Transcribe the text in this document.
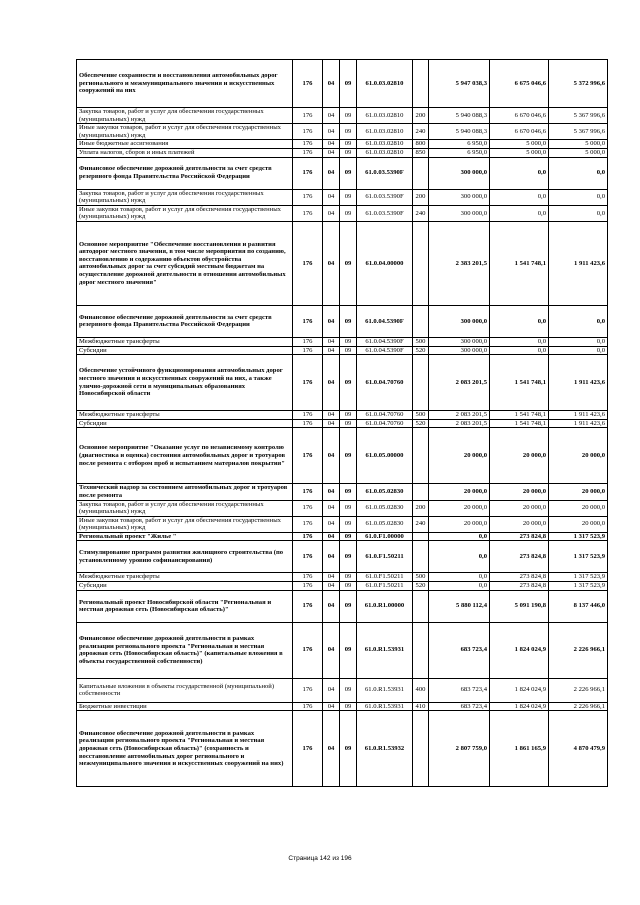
Обеспечение сохранности и восстановления автомобильных дорог регионального и межмуниципального значения и искусственных сооружений на них	176	04	09	61.0.03.02810		5 947 038,3	6 675 046,6	5 372 996,6
Закупка товаров, работ и услуг для обеспечения государственных (муниципальных) нужд	176	04	09	61.0.03.02810	200	5 940 088,3	6 670 046,6	5 367 996,6
Иные закупки товаров, работ и услуг для обеспечения государственных (муниципальных) нужд	176	04	09	61.0.03.02810	240	5 940 088,3	6 670 046,6	5 367 996,6
Иные бюджетные ассигнования	176	04	09	61.0.03.02810	800	6 950,0	5 000,0	5 000,0
Уплата налогов, сборов и иных платежей	176	04	09	61.0.03.02810	850	6 950,0	5 000,0	5 000,0
Финансовое обеспечение дорожной деятельности за счет средств резервного фонда Правительства Российской Федерации	176	04	09	61.0.03.5390F		300 000,0	0,0	0,0
Закупка товаров, работ и услуг для обеспечения государственных (муниципальных) нужд	176	04	09	61.0.03.5390F	200	300 000,0	0,0	0,0
Иные закупки товаров, работ и услуг для обеспечения государственных (муниципальных) нужд	176	04	09	61.0.03.5390F	240	300 000,0	0,0	0,0
Основное мероприятие "Обеспечение восстановления и развития автодорог местного значения, в том числе мероприятия по созданию, восстановлению и содержанию объектов обустройства автомобильных дорог за счет субсидий местным бюджетам на осуществление дорожной деятельности в отношении автомобильных дорог местного значения"	176	04	09	61.0.04.00000		2 383 201,5	1 541 748,1	1 911 423,6
Финансовое обеспечение дорожной деятельности за счет средств резервного фонда Правительства Российской Федерации	176	04	09	61.0.04.5390F		300 000,0	0,0	0,0
Межбюджетные трансферты	176	04	09	61.0.04.5390F	500	300 000,0	0,0	0,0
Субсидии	176	04	09	61.0.04.5390F	520	300 000,0	0,0	0,0
Обеспечение устойчивого функционирования автомобильных дорог местного значения и искусственных сооружений на них, а также улично-дорожной сети в муниципальных образованиях Новосибирской области	176	04	09	61.0.04.70760		2 083 201,5	1 541 748,1	1 911 423,6
Межбюджетные трансферты	176	04	09	61.0.04.70760	500	2 083 201,5	1 541 748,1	1 911 423,6
Субсидии	176	04	09	61.0.04.70760	520	2 083 201,5	1 541 748,1	1 911 423,6
Основное мероприятие "Оказание услуг по независимому контролю (диагностика и оценка) состояния автомобильных дорог и тротуаров после ремонта с отбором проб и испытанием материалов покрытия"	176	04	09	61.0.05.00000		20 000,0	20 000,0	20 000,0
Технический надзор за состоянием автомобильных дорог и тротуаров после ремонта	176	04	09	61.0.05.02830		20 000,0	20 000,0	20 000,0
Закупка товаров, работ и услуг для обеспечения государственных (муниципальных) нужд	176	04	09	61.0.05.02830	200	20 000,0	20 000,0	20 000,0
Иные закупки товаров, работ и услуг для обеспечения государственных (муниципальных) нужд	176	04	09	61.0.05.02830	240	20 000,0	20 000,0	20 000,0
Региональный проект "Жилье "	176	04	09	61.0.F1.00000		0,0	273 824,8	1 317 523,9
Стимулирование программ развития жилищного строительства (по установленному уровню софинансирования)	176	04	09	61.0.F1.50211		0,0	273 824,8	1 317 523,9
Межбюджетные трансферты	176	04	09	61.0.F1.50211	500	0,0	273 824,8	1 317 523,9
Субсидии	176	04	09	61.0.F1.50211	520	0,0	273 824,8	1 317 523,9
Региональный проект Новосибирской области "Региональная и местная дорожная сеть (Новосибирская область)"	176	04	09	61.0.R1.00000		5 880 112,4	5 091 190,8	8 137 446,0
Финансовое обеспечение дорожной деятельности в рамках реализации регионального проекта "Региональная и местная дорожная сеть (Новосибирская область)" (капитальные вложения в объекты государственной собственности)	176	04	09	61.0.R1.53931		683 723,4	1 824 024,9	2 226 966,1
Капитальные вложения в объекты государственной (муниципальной) собственности	176	04	09	61.0.R1.53931	400	683 723,4	1 824 024,9	2 226 966,1
Бюджетные инвестиции	176	04	09	61.0.R1.53931	410	683 723,4	1 824 024,9	2 226 966,1
Финансовое обеспечение дорожной деятельности в рамках реализации регионального проекта "Региональная и местная дорожная сеть (Новосибирская область)" (сохранность и восстановление автомобильных дорог регионального и межмуниципального значения и искусственных сооружений на них)	176	04	09	61.0.R1.53932		2 807 759,0	1 861 165,9	4 870 479,9
Страница 142 из 196
